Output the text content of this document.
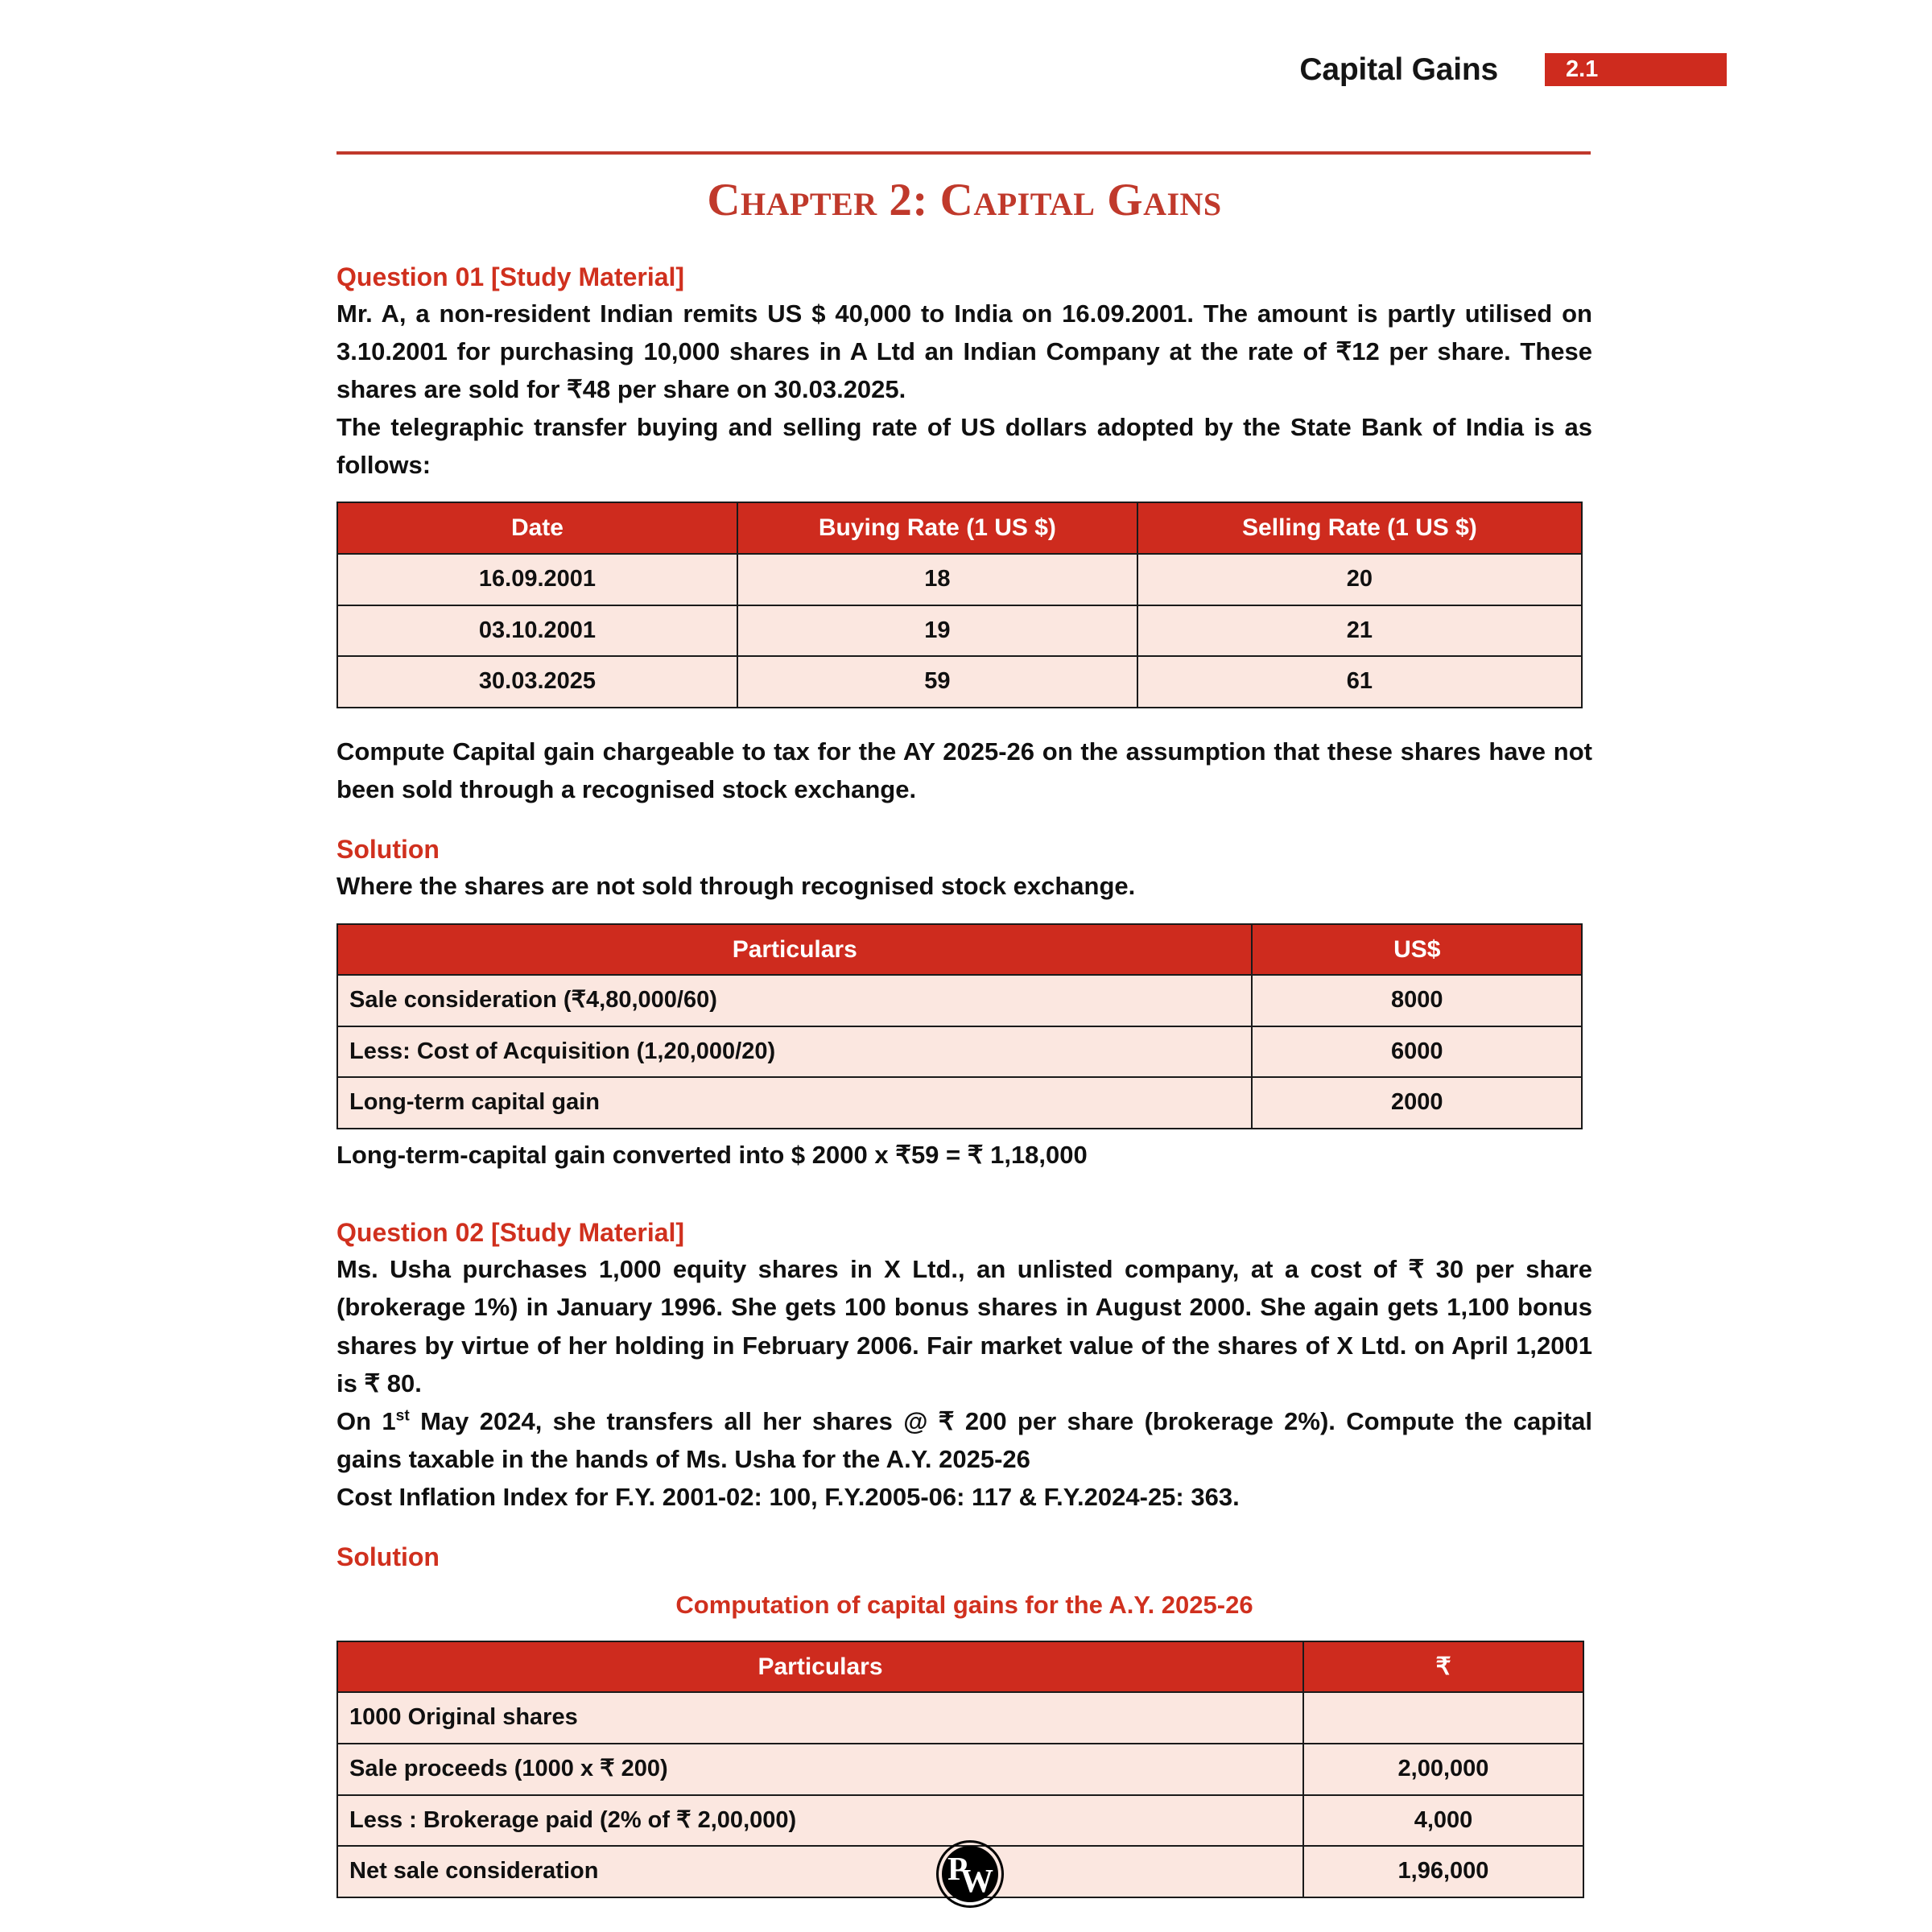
Capital Gains	2.1
Chapter 2: Capital Gains
Question 01 [Study Material]

Mr. A, a non-resident Indian remits US $ 40,000 to India on 16.09.2001. The amount is partly utilised on 3.10.2001 for purchasing 10,000 shares in A Ltd an Indian Company at the rate of ₹12 per share. These shares are sold for ₹48 per share on 30.03.2025.

The telegraphic transfer buying and selling rate of US dollars adopted by the State Bank of India is as follows:

Date	Buying Rate (1 US $)	Selling Rate (1 US $)
16.09.2001	18	20
03.10.2001	19	21
30.03.2025	59	61

Compute Capital gain chargeable to tax for the AY 2025-26 on the assumption that these shares have not been sold through a recognised stock exchange.

Solution

Where the shares are not sold through recognised stock exchange.

Particulars	US$
Sale consideration (₹4,80,000/60)	8000
Less: Cost of Acquisition (1,20,000/20)	6000
Long-term capital gain	2000

Long-term-capital gain converted into $ 2000 x ₹59 = ₹ 1,18,000

Question 02 [Study Material]

Ms. Usha purchases 1,000 equity shares in X Ltd., an unlisted company, at a cost of ₹ 30 per share (brokerage 1%) in January 1996. She gets 100 bonus shares in August 2000. She again gets 1,100 bonus shares by virtue of her holding in February 2006. Fair market value of the shares of X Ltd. on April 1,2001 is ₹ 80.

On 1st May 2024, she transfers all her shares @ ₹ 200 per share (brokerage 2%). Compute the capital gains taxable in the hands of Ms. Usha for the A.Y. 2025-26

Cost Inflation Index for F.Y. 2001-02: 100, F.Y.2005-06: 117 & F.Y.2024-25: 363.

Solution
Computation of capital gains for the A.Y. 2025-26
Particulars	₹
1000 Original shares	
Sale proceeds (1000 x ₹ 200)	2,00,000
Less : Brokerage paid (2% of ₹ 2,00,000)	4,000
Net sale consideration	1,96,000
P
W
